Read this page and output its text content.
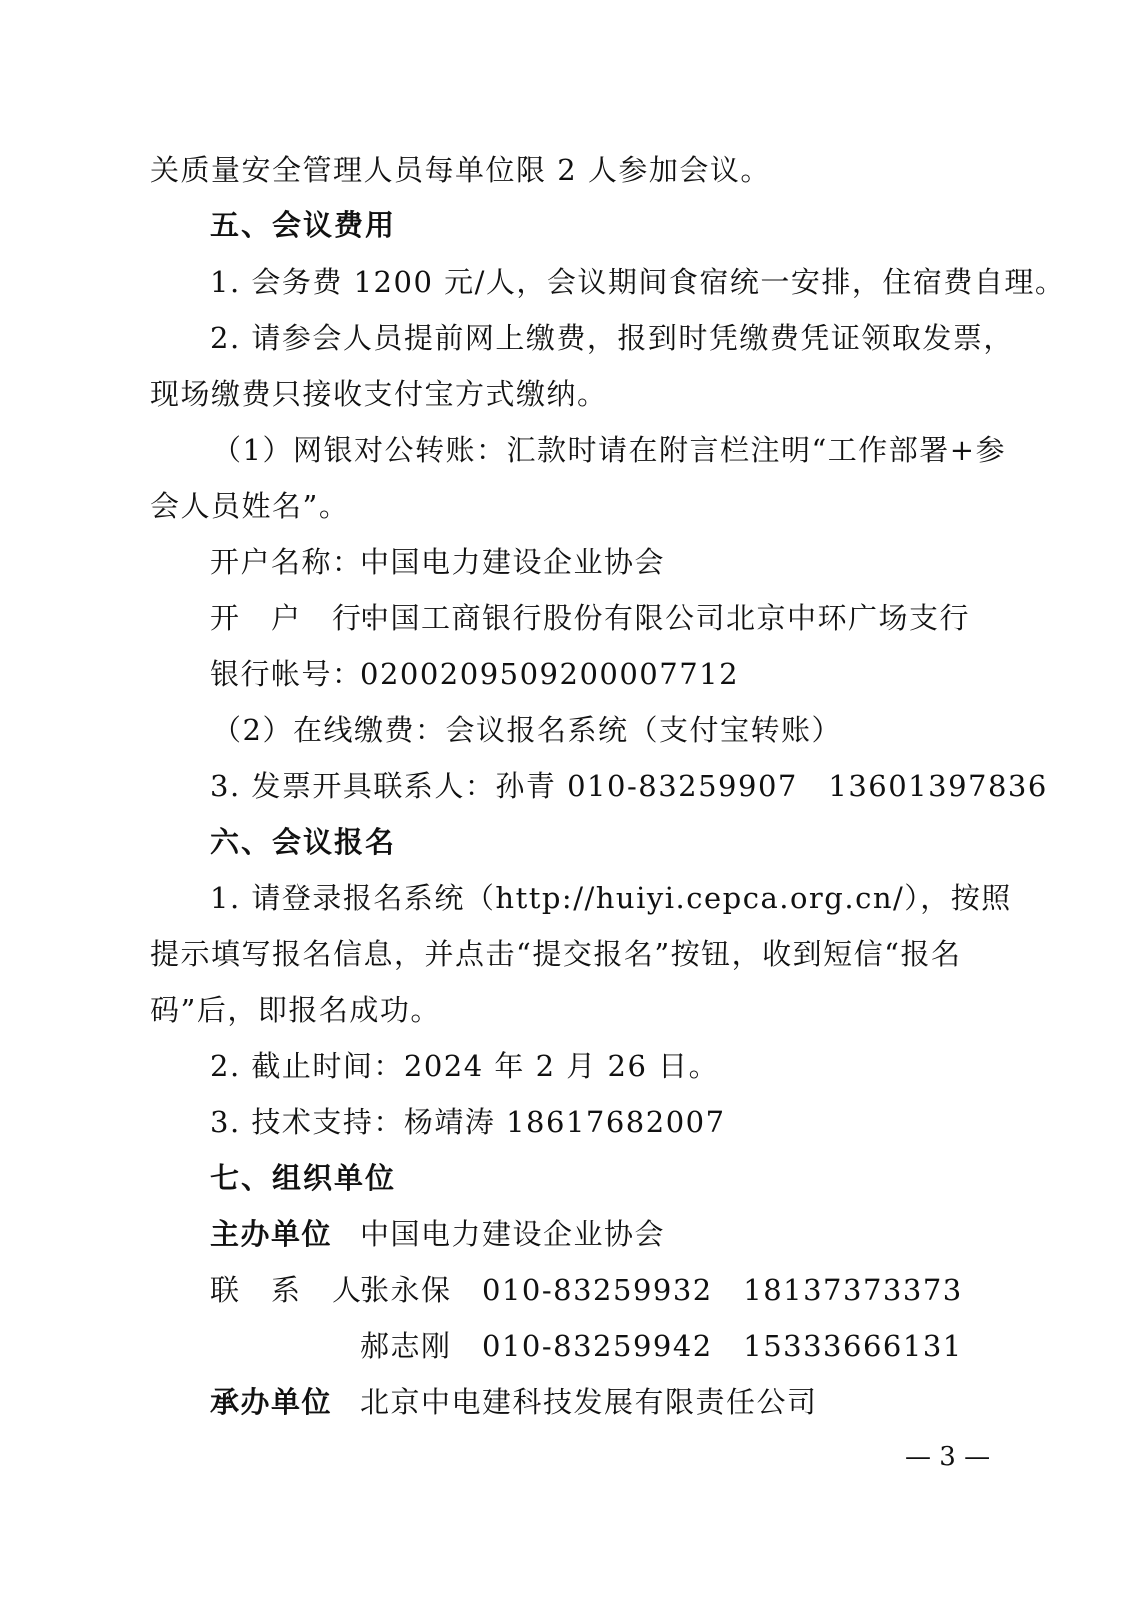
关质量安全管理人员每单位限 2 人参加会议。
五、会议费用
1. 会务费 1200 元/人，会议期间食宿统一安排，住宿费自理。
2. 请参会人员提前网上缴费，报到时凭缴费凭证领取发票，
现场缴费只接收支付宝方式缴纳。
（1）网银对公转账：汇款时请在附言栏注明“工作部署+参
会人员姓名”。
开户名称：
中国电力建设企业协会
开　户　行：
中国工商银行股份有限公司北京中环广场支行
银行帐号：
0200209509200007712
（2）在线缴费：会议报名系统（支付宝转账）
3. 发票开具联系人：孙青 010-83259907　13601397836
六、会议报名
1. 请登录报名系统（http://huiyi.cepca.org.cn/），按照
提示填写报名信息，并点击“提交报名”按钮，收到短信“报名
码”后，即报名成功。
2. 截止时间：2024 年 2 月 26 日。
3. 技术支持：杨靖涛 18617682007
七、组织单位
主办单位 中国电力建设企业协会
联　系　人：
张永保　010-83259932　18137373373
郝志刚　010-83259942　15333666131
承办单位 北京中电建科技发展有限责任公司
— 3 —
